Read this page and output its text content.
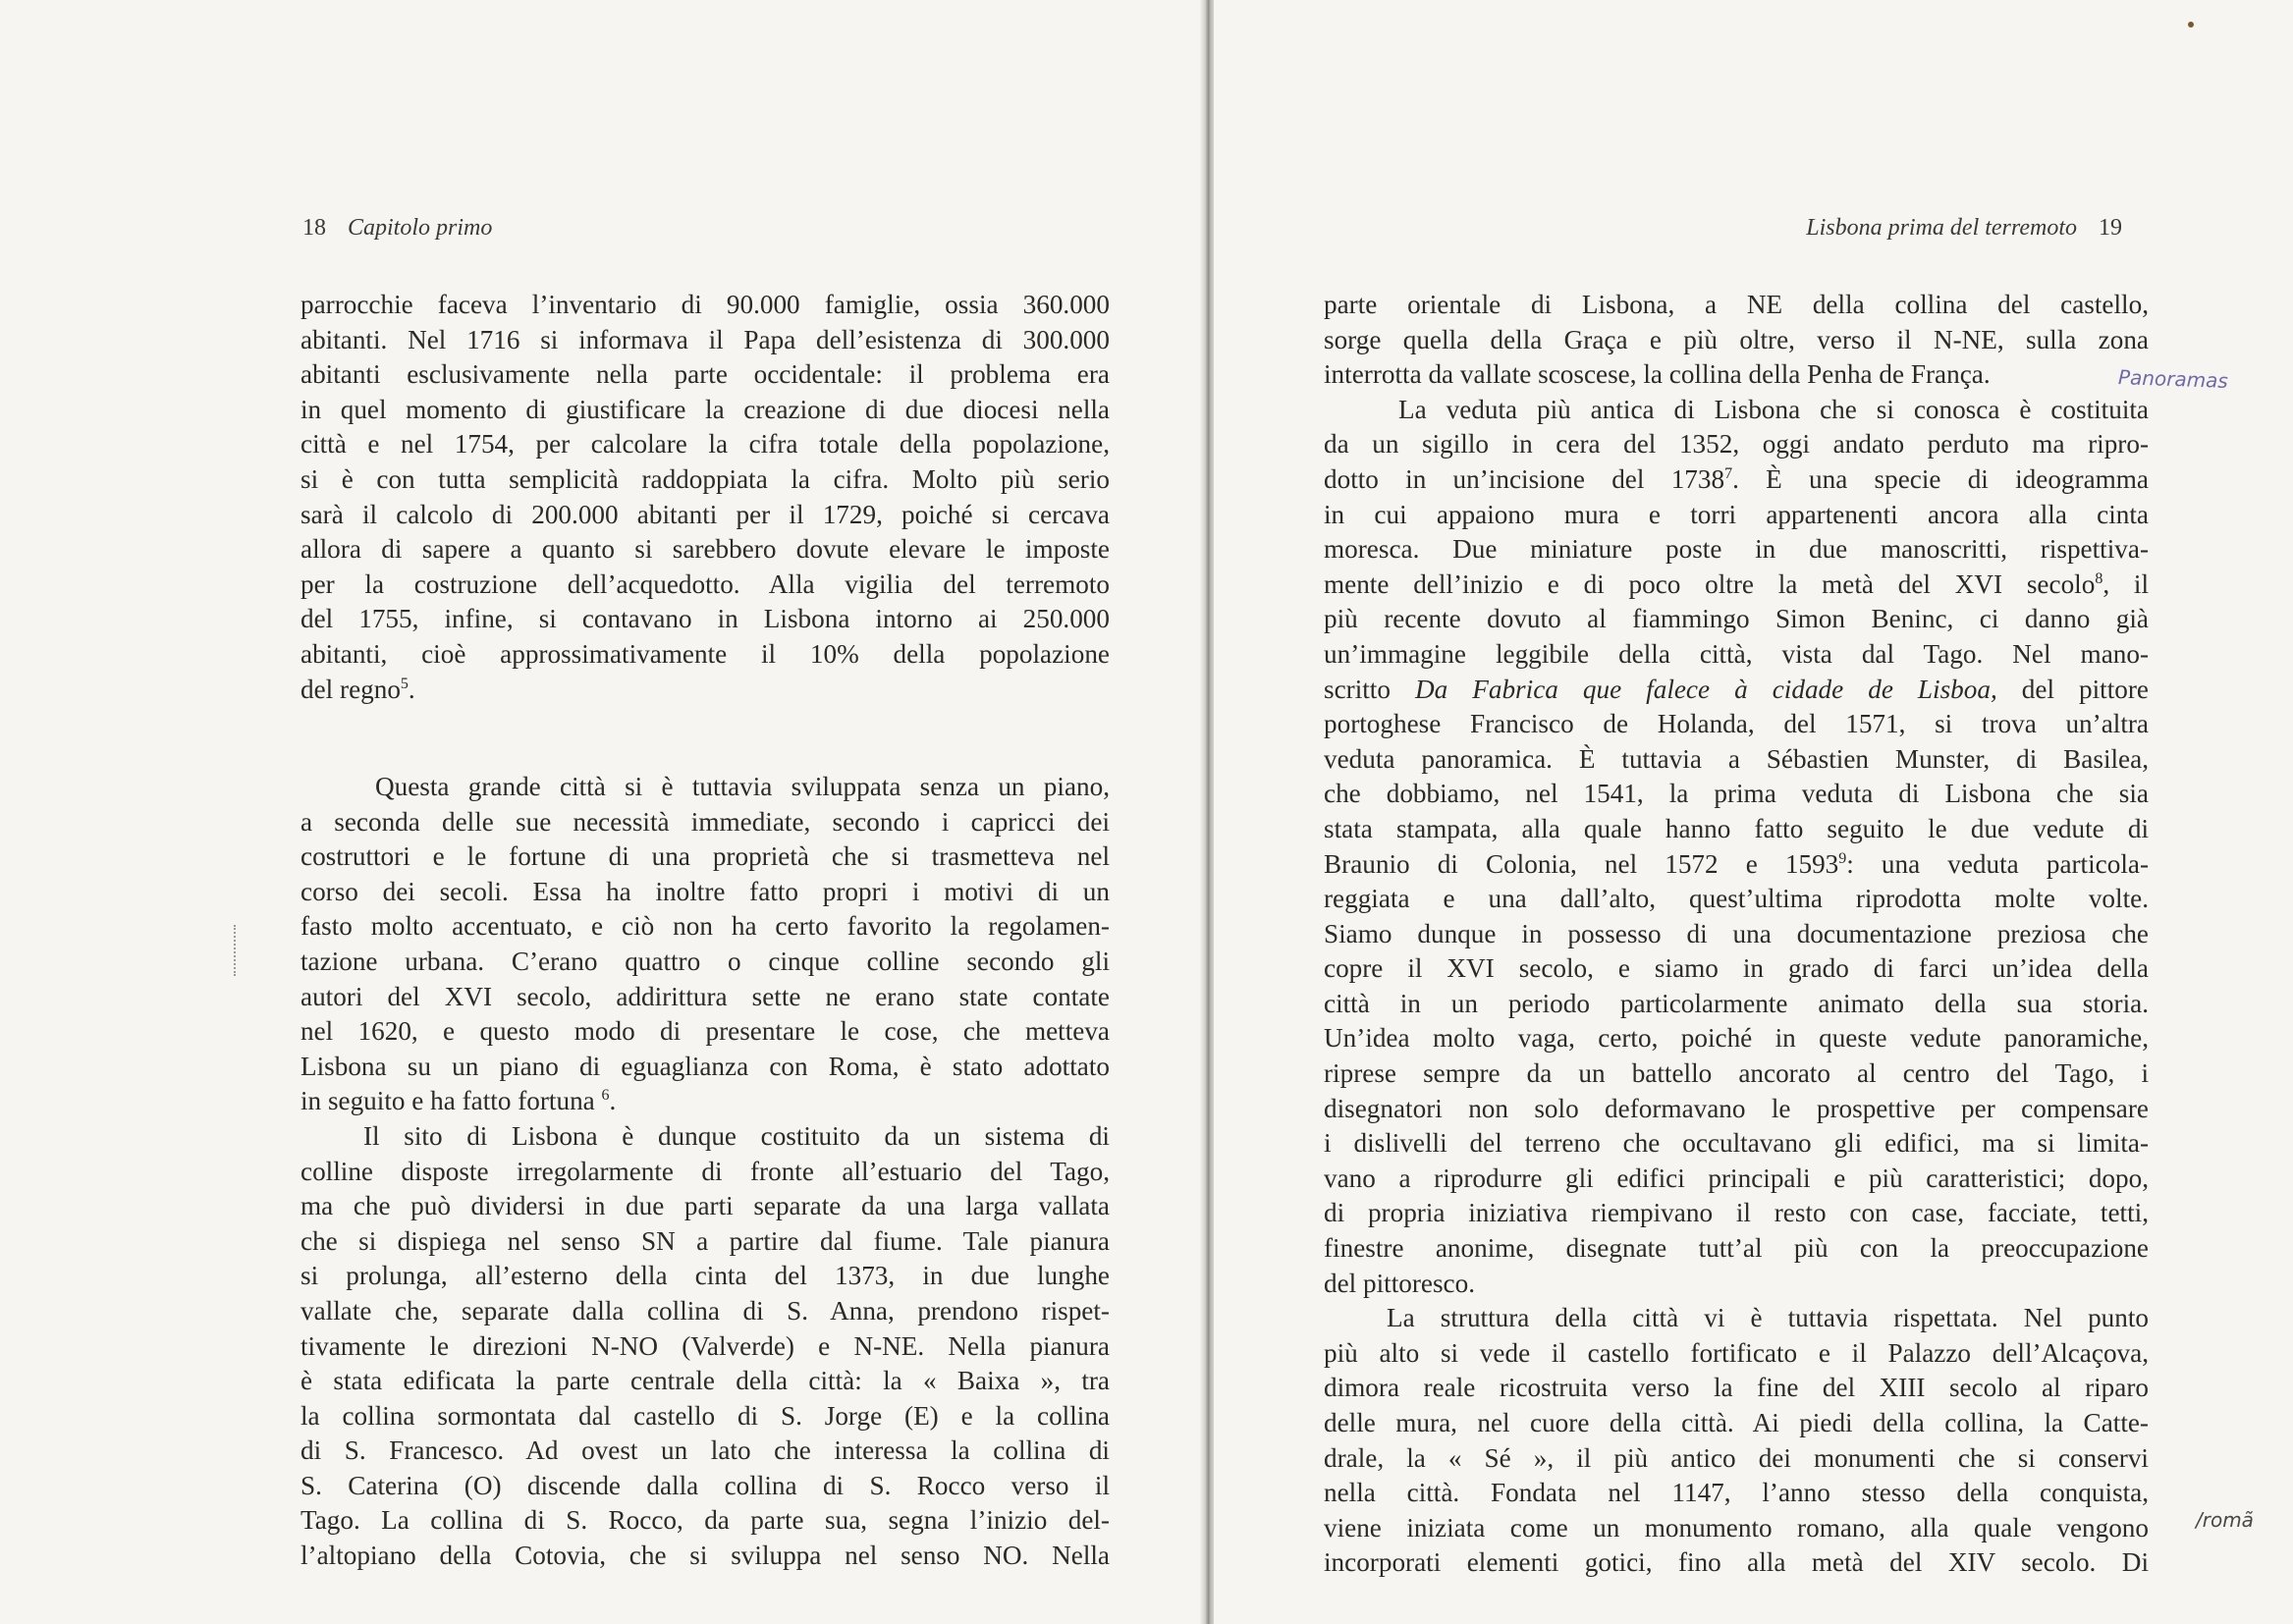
18 Capitolo primo
parrocchie faceva l’inventario di 90.000 famiglie, ossia 360.000
abitanti. Nel 1716 si informava il Papa dell’esistenza di 300.000
abitanti esclusivamente nella parte occidentale: il problema era
in quel momento di giustificare la creazione di due diocesi nella
città e nel 1754, per calcolare la cifra totale della popolazione,
si è con tutta semplicità raddoppiata la cifra. Molto più serio
sarà il calcolo di 200.000 abitanti per il 1729, poiché si cercava
allora di sapere a quanto si sarebbero dovute elevare le imposte
per la costruzione dell’acquedotto. Alla vigilia del terremoto
del 1755, infine, si contavano in Lisbona intorno ai 250.000
abitanti, cioè approssimativamente il 10% della popolazione
del regno$^5$.
Questa grande città si è tuttavia sviluppata senza un piano,
a seconda delle sue necessità immediate, secondo i capricci dei
costruttori e le fortune di una proprietà che si trasmetteva nel
corso dei secoli. Essa ha inoltre fatto propri i motivi di un
fasto molto accentuato, e ciò non ha certo favorito la regolamen-
tazione urbana. C’erano quattro o cinque colline secondo gli
autori del XVI secolo, addirittura sette ne erano state contate
nel 1620, e questo modo di presentare le cose, che metteva
Lisbona su un piano di eguaglianza con Roma, è stato adottato
in seguito e ha fatto fortuna $^6$.
Il sito di Lisbona è dunque costituito da un sistema di
colline disposte irregolarmente di fronte all’estuario del Tago,
ma che può dividersi in due parti separate da una larga vallata
che si dispiega nel senso SN a partire dal fiume. Tale pianura
si prolunga, all’esterno della cinta del 1373, in due lunghe
vallate che, separate dalla collina di S. Anna, prendono rispet-
tivamente le direzioni N-NO (Valverde) e N-NE. Nella pianura
è stata edificata la parte centrale della città: la « Baixa », tra
la collina sormontata dal castello di S. Jorge (E) e la collina
di S. Francesco. Ad ovest un lato che interessa la collina di
S. Caterina (O) discende dalla collina di S. Rocco verso il
Tago. La collina di S. Rocco, da parte sua, segna l’inizio del-
l’altopiano della Cotovia, che si sviluppa nel senso NO. Nella
Lisbona prima del terremoto 19
parte orientale di Lisbona, a NE della collina del castello,
sorge quella della Graça e più oltre, verso il N-NE, sulla zona
interrotta da vallate scoscese, la collina della Penha de França.
La veduta più antica di Lisbona che si conosca è costituita
da un sigillo in cera del 1352, oggi andato perduto ma ripro-
dotto in un’incisione del 1738$^7$. È una specie di ideogramma
in cui appaiono mura e torri appartenenti ancora alla cinta
moresca. Due miniature poste in due manoscritti, rispettiva-
mente dell’inizio e di poco oltre la metà del XVI secolo$^8$, il
più recente dovuto al fiammingo Simon Beninc, ci danno già
un’immagine leggibile della città, vista dal Tago. Nel mano-
scritto Da Fabrica que falece à cidade de Lisboa, del pittore
portoghese Francisco de Holanda, del 1571, si trova un’altra
veduta panoramica. È tuttavia a Sébastien Munster, di Basilea,
che dobbiamo, nel 1541, la prima veduta di Lisbona che sia
stata stampata, alla quale hanno fatto seguito le due vedute di
Braunio di Colonia, nel 1572 e 1593$^9$: una veduta particola-
reggiata e una dall’alto, quest’ultima riprodotta molte volte.
Siamo dunque in possesso di una documentazione preziosa che
copre il XVI secolo, e siamo in grado di farci un’idea della
città in un periodo particolarmente animato della sua storia.
Un’idea molto vaga, certo, poiché in queste vedute panoramiche,
riprese sempre da un battello ancorato al centro del Tago, i
disegnatori non solo deformavano le prospettive per compensare
i dislivelli del terreno che occultavano gli edifici, ma si limita-
vano a riprodurre gli edifici principali e più caratteristici; dopo,
di propria iniziativa riempivano il resto con case, facciate, tetti,
finestre anonime, disegnate tutt’al più con la preoccupazione
del pittoresco.
La struttura della città vi è tuttavia rispettata. Nel punto
più alto si vede il castello fortificato e il Palazzo dell’Alcaçova,
dimora reale ricostruita verso la fine del XIII secolo al riparo
delle mura, nel cuore della città. Ai piedi della collina, la Catte-
drale, la « Sé », il più antico dei monumenti che si conservi
nella città. Fondata nel 1147, l’anno stesso della conquista,
viene iniziata come un monumento romano, alla quale vengono
incorporati elementi gotici, fino alla metà del XIV secolo. Di
Panoramas
/romã
